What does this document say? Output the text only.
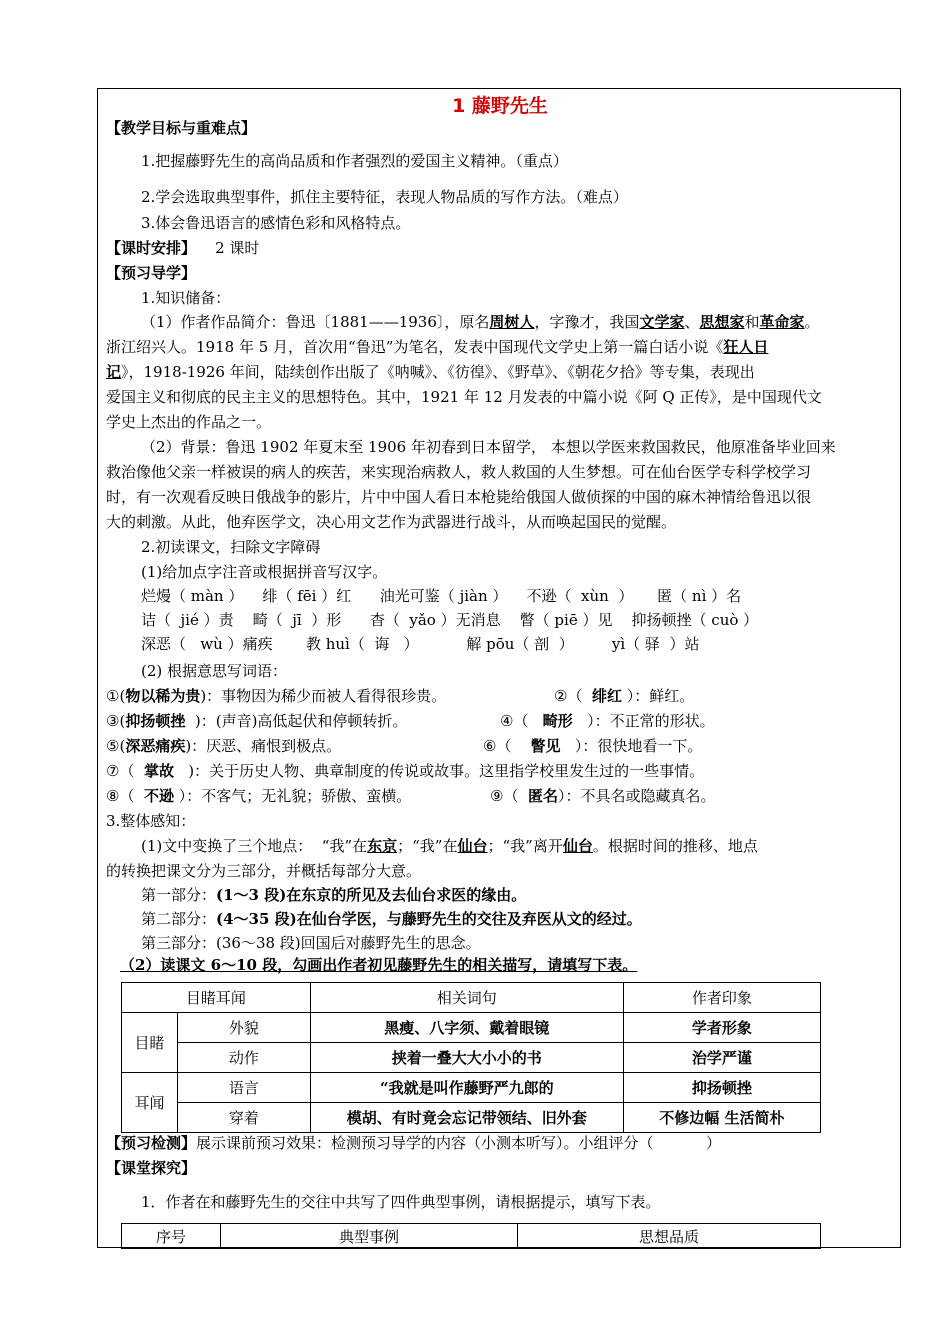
1 藤野先生
【教学目标与重难点】
1.把握藤野先生的高尚品质和作者强烈的爱国主义精神。（重点）
2.学会选取典型事件，抓住主要特征，表现人物品质的写作方法。（难点）
3.体会鲁迅语言的感情色彩和风格特点。
【课时安排】 2 课时
【预习导学】
1.知识储备：
（1）作者作品简介：鲁迅〔1881——1936〕，原名周树人，字豫才，我国文学家、思想家和革命家。
浙江绍兴人。1918 年 5 月，首次用“鲁迅”为笔名，发表中国现代文学史上第一篇白话小说《狂人日
记》，1918-1926 年间，陆续创作出版了《呐喊》、《彷徨》、《野草》、《朝花夕拾》等专集，表现出
爱国主义和彻底的民主主义的思想特色。其中，1921 年 12 月发表的中篇小说《阿 Q 正传》，是中国现代文
学史上杰出的作品之一。
（2）背景：鲁迅 1902 年夏末至 1906 年初春到日本留学， 本想以学医来救国救民，他原准备毕业回来
救治像他父亲一样被误的病人的疾苦，来实现治病救人，救人救国的人生梦想。可在仙台医学专科学校学习
时，有一次观看反映日俄战争的影片，片中中国人看日本枪毙给俄国人做侦探的中国的麻木神情给鲁迅以很
大的刺激。从此，他弃医学文，决心用文艺作为武器进行战斗，从而唤起国民的觉醒。
2.初读课文，扫除文字障碍
(1)给加点字注音或根据拼音写汉字。
烂熳（ màn ）    绯（ fēi ）红      油光可鉴（ jiàn ）    不逊（  xùn  ）     匿（ nì ）名
诘（  jié ）责    畸（  jī  ）形      杳（  yǎo ）无消息    瞥（ piē ）见    抑扬顿挫（ cuò ）
深恶（   wù ）痛疾       教 huì（  诲   ）          解 pōu（ 剖  ）        yì（ 驿  ）站
(2) 根据意思写词语：
①(物以稀为贵)：事物因为稀少而被人看得很珍贵。	②（  绯红 ）：鲜红。
③(抑扬顿挫  )：(声音)高低起伏和停顿转折。	④（   畸形   ）：不正常的形状。
⑤(深恶痛疾)：厌恶、痛恨到极点。	⑥（    瞥见   ）：很快地看一下。
⑦（  掌故   )：关于历史人物、典章制度的传说或故事。这里指学校里发生过的一些事情。
⑧（  不逊 ）：不客气；无礼貌；骄傲、蛮横。	⑨（  匿名）：不具名或隐藏真名。
3.整体感知：
(1)文中变换了三个地点：  “我”在东京；“我”在仙台；“我”离开仙台。根据时间的推移、地点
的转换把课文分为三部分，并概括每部分大意。
第一部分：(1～3 段)在东京的所见及去仙台求医的缘由。
第二部分：(4～35 段)在仙台学医，与藤野先生的交往及弃医从文的经过。
第三部分：(36～38 段)回国后对藤野先生的思念。
（2）读课文 6～10 段，勾画出作者初见藤野先生的相关描写，请填写下表。
目睹耳闻		相关词句	作者印象
目睹	外貌	黑瘦、八字须、戴着眼镜	学者形象
	动作	挟着一叠大大小小的书	治学严谨
耳闻	语言	“我就是叫作藤野严九郎的	抑扬顿挫
	穿着	模胡、有时竟会忘记带领结、旧外套	不修边幅 生活简朴
【预习检测】展示课前预习效果：检测预习导学的内容（小测本听写）。小组评分（           ）
【课堂探究】
1．作者在和藤野先生的交往中共写了四件典型事例，请根据提示，填写下表。
序号	典型事例	思想品质
